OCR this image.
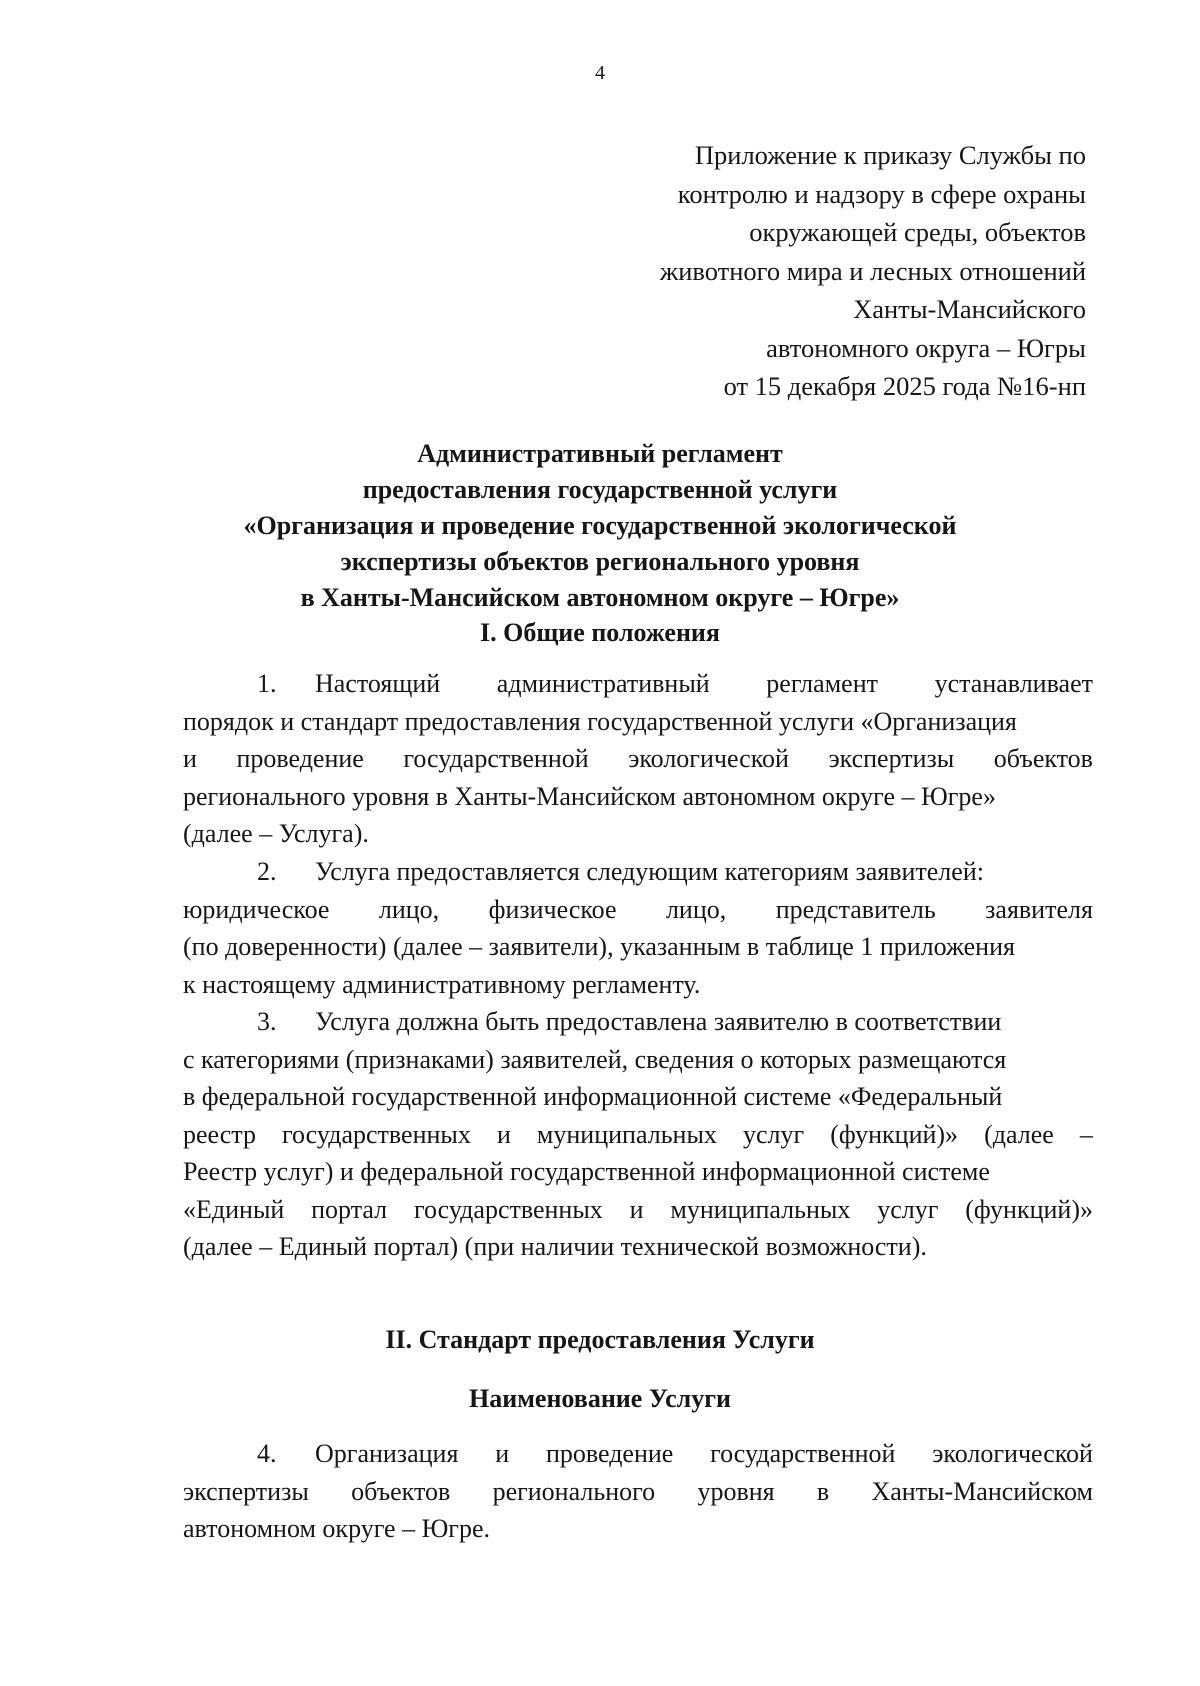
4
Приложение к приказу Службы по
контролю и надзору в сфере охраны
окружающей среды, объектов
животного мира и лесных отношений
Ханты-Мансийского
автономного округа – Югры
от 15 декабря 2025 года №16-нп
Административный регламент
предоставления государственной услуги
«Организация и проведение государственной экологической
экспертизы объектов регионального уровня
в Ханты-Мансийском автономном округе – Югре»
I. Общие положения
1.	Настоящий административный регламент устанавливает
порядок и стандарт предоставления государственной услуги «Организация
и проведение государственной экологической экспертизы объектов
регионального уровня в Ханты-Мансийском автономном округе – Югре»
(далее – Услуга).
2.	Услуга предоставляется следующим категориям заявителей:
юридическое лицо, физическое лицо, представитель заявителя
(по доверенности) (далее – заявители), указанным в таблице 1 приложения
к настоящему административному регламенту.
3.	Услуга должна быть предоставлена заявителю в соответствии
с категориями (признаками) заявителей, сведения о которых размещаются
в федеральной государственной информационной системе «Федеральный
реестр государственных и муниципальных услуг (функций)» (далее –
Реестр услуг) и федеральной государственной информационной системе
«Единый портал государственных и муниципальных услуг (функций)»
(далее – Единый портал) (при наличии технической возможности).
II. Стандарт предоставления Услуги
Наименование Услуги
4.	Организация и проведение государственной экологической
экспертизы объектов регионального уровня в Ханты-Мансийском
автономном округе – Югре.
